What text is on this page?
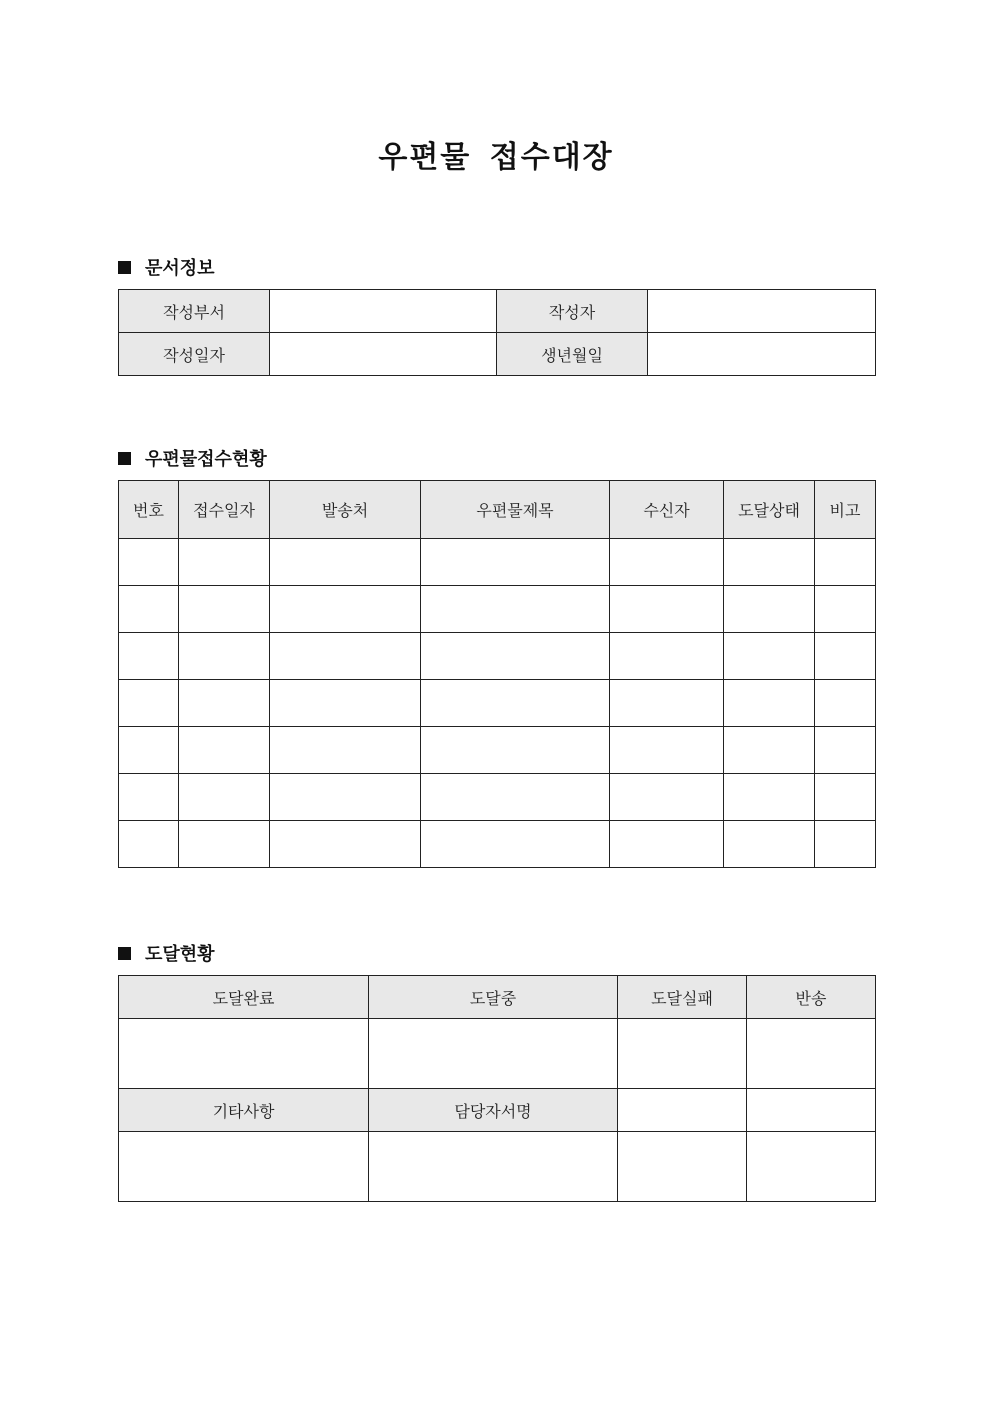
우편물 접수대장
문서정보
작성부서		작성자	
작성일자		생년월일	
우편물접수현황
번호	접수일자	발송처	우편물제목	수신자	도달상태	비고

도달현황
도달완료	도달중	도달실패	반송

기타사항	담당자서명		
